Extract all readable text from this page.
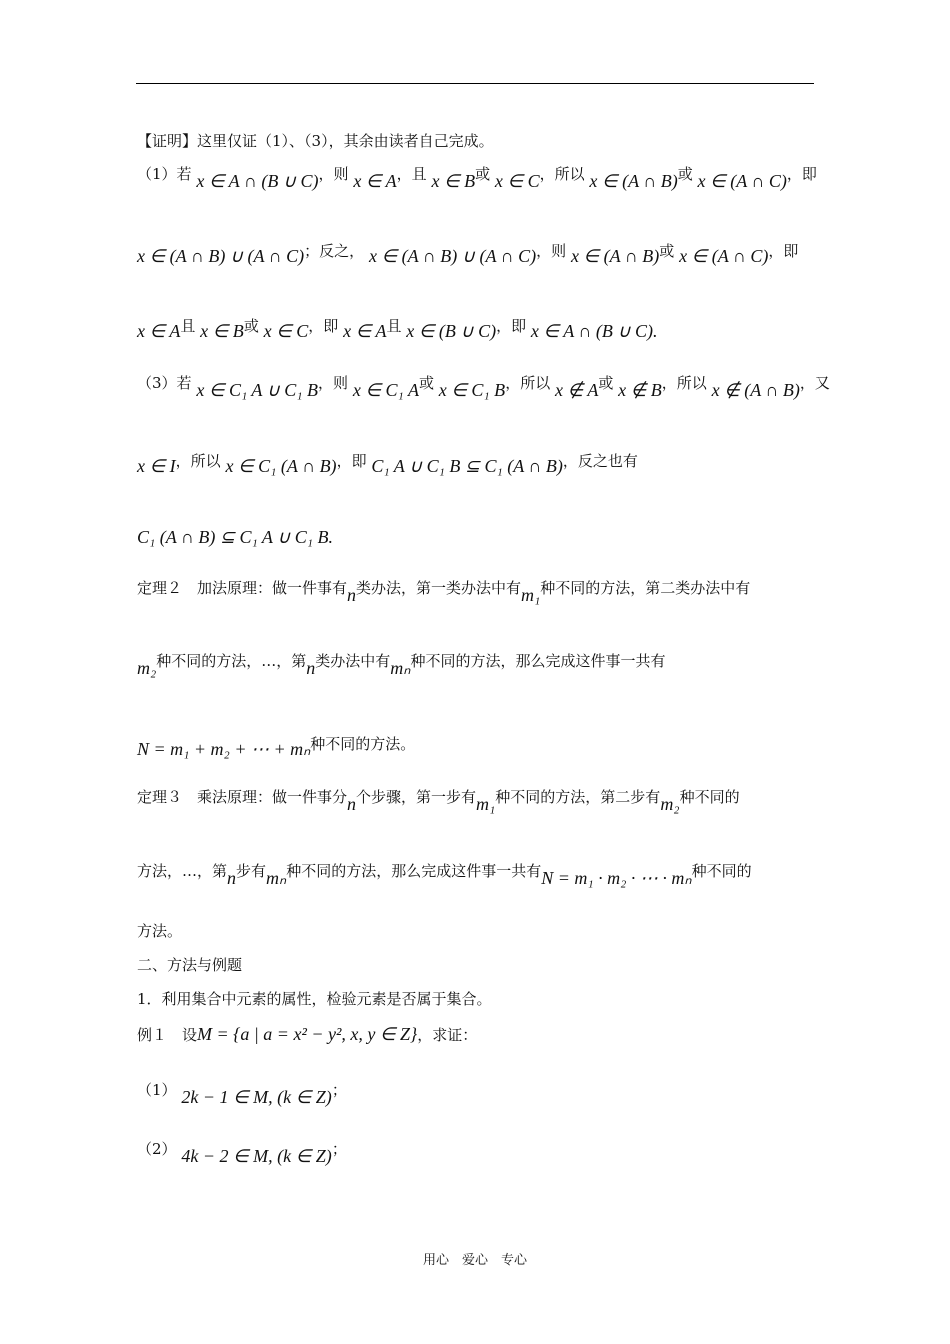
【证明】这里仅证（1）、（3），其余由读者自己完成。
（1）若 x ∈ A ∩ (B ∪ C)，则 x ∈ A，且 x ∈ B或 x ∈ C，所以 x ∈ (A ∩ B)或 x ∈ (A ∩ C)，即
x ∈ (A ∩ B) ∪ (A ∩ C)；反之， x ∈ (A ∩ B) ∪ (A ∩ C)，则 x ∈ (A ∩ B)或 x ∈ (A ∩ C)，即
x ∈ A且 x ∈ B或 x ∈ C，即 x ∈ A且 x ∈ (B ∪ C)，即 x ∈ A ∩ (B ∪ C).
（3）若 x ∈ C₁ A ∪ C₁ B，则 x ∈ C₁ A或 x ∈ C₁ B，所以 x ∉ A或 x ∉ B，所以 x ∉ (A ∩ B)，又
x ∈ I，所以 x ∈ C₁ (A ∩ B)，即 C₁ A ∪ C₁ B ⊆ C₁ (A ∩ B)，反之也有
C₁ (A ∩ B) ⊆ C₁ A ∪ C₁ B.
定理２　加法原理：做一件事有n类办法，第一类办法中有m₁种不同的方法，第二类办法中有
m₂种不同的方法，…，第n类办法中有mₙ种不同的方法，那么完成这件事一共有
N = m₁ + m₂ + ⋯ + mₙ种不同的方法。
定理３　乘法原理：做一件事分n个步骤，第一步有m₁种不同的方法，第二步有m₂种不同的
方法，…，第n步有mₙ种不同的方法，那么完成这件事一共有N = m₁ · m₂ · ⋯ · mₙ种不同的
方法。
二、方法与例题
1．利用集合中元素的属性，检验元素是否属于集合。
例１　设M = {a | a = x² − y², x, y ∈ Z}，求证：
（1） 2k − 1 ∈ M, (k ∈ Z)；
（2） 4k − 2 ∈ M, (k ∈ Z)；
用心　爱心　专心
